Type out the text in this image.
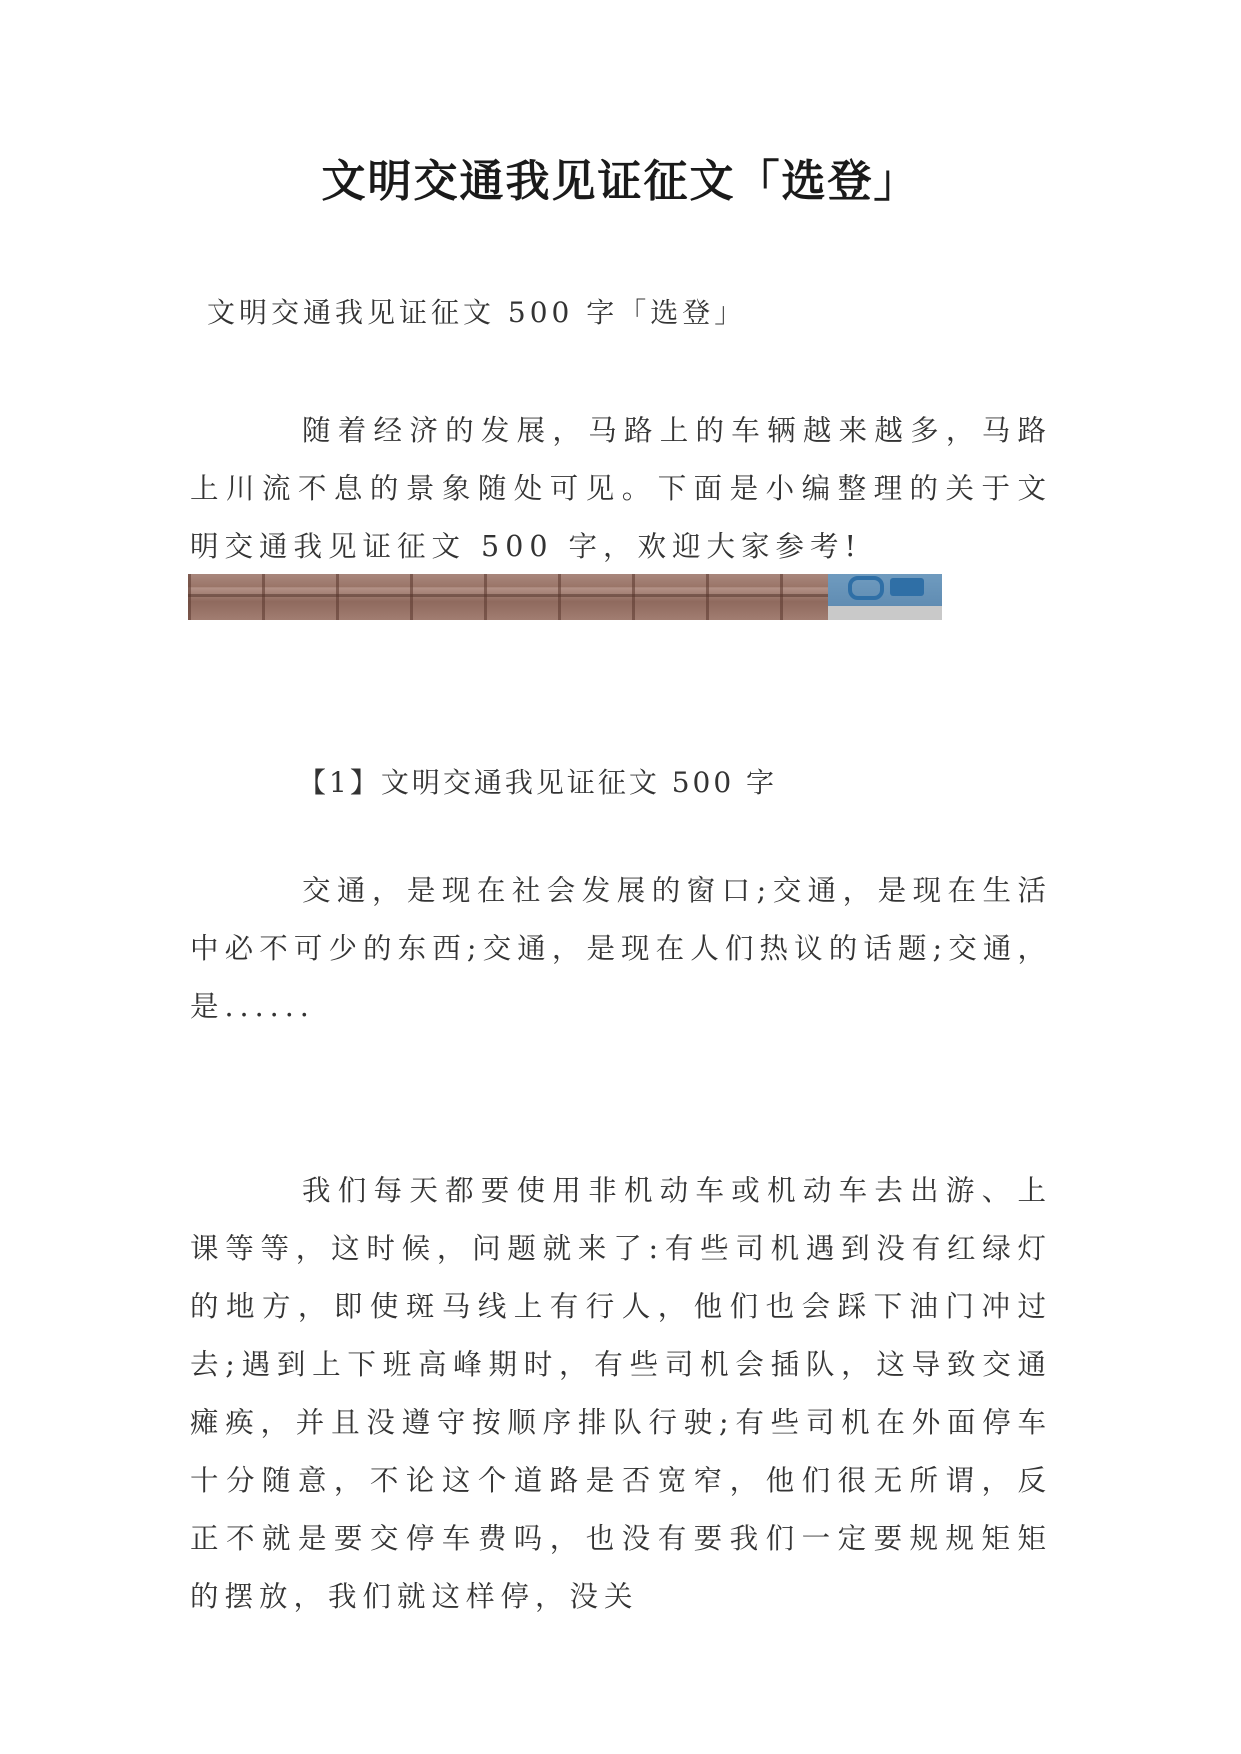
文明交通我见证征文「选登」
文明交通我见证征文 500 字「选登」
随着经济的发展，马路上的车辆越来越多，马路上川流不息的景象随处可见。下面是小编整理的关于文明交通我见证征文 500 字，欢迎大家参考!
【1】文明交通我见证征文 500 字
交通，是现在社会发展的窗口;交通，是现在生活中必不可少的东西;交通，是现在人们热议的话题;交通，是......
我们每天都要使用非机动车或机动车去出游、上课等等，这时候，问题就来了:有些司机遇到没有红绿灯的地方，即使斑马线上有行人，他们也会踩下油门冲过去;遇到上下班高峰期时，有些司机会插队，这导致交通瘫痪，并且没遵守按顺序排队行驶;有些司机在外面停车十分随意，不论这个道路是否宽窄，他们很无所谓，反正不就是要交停车费吗，也没有要我们一定要规规矩矩的摆放，我们就这样停，没关
